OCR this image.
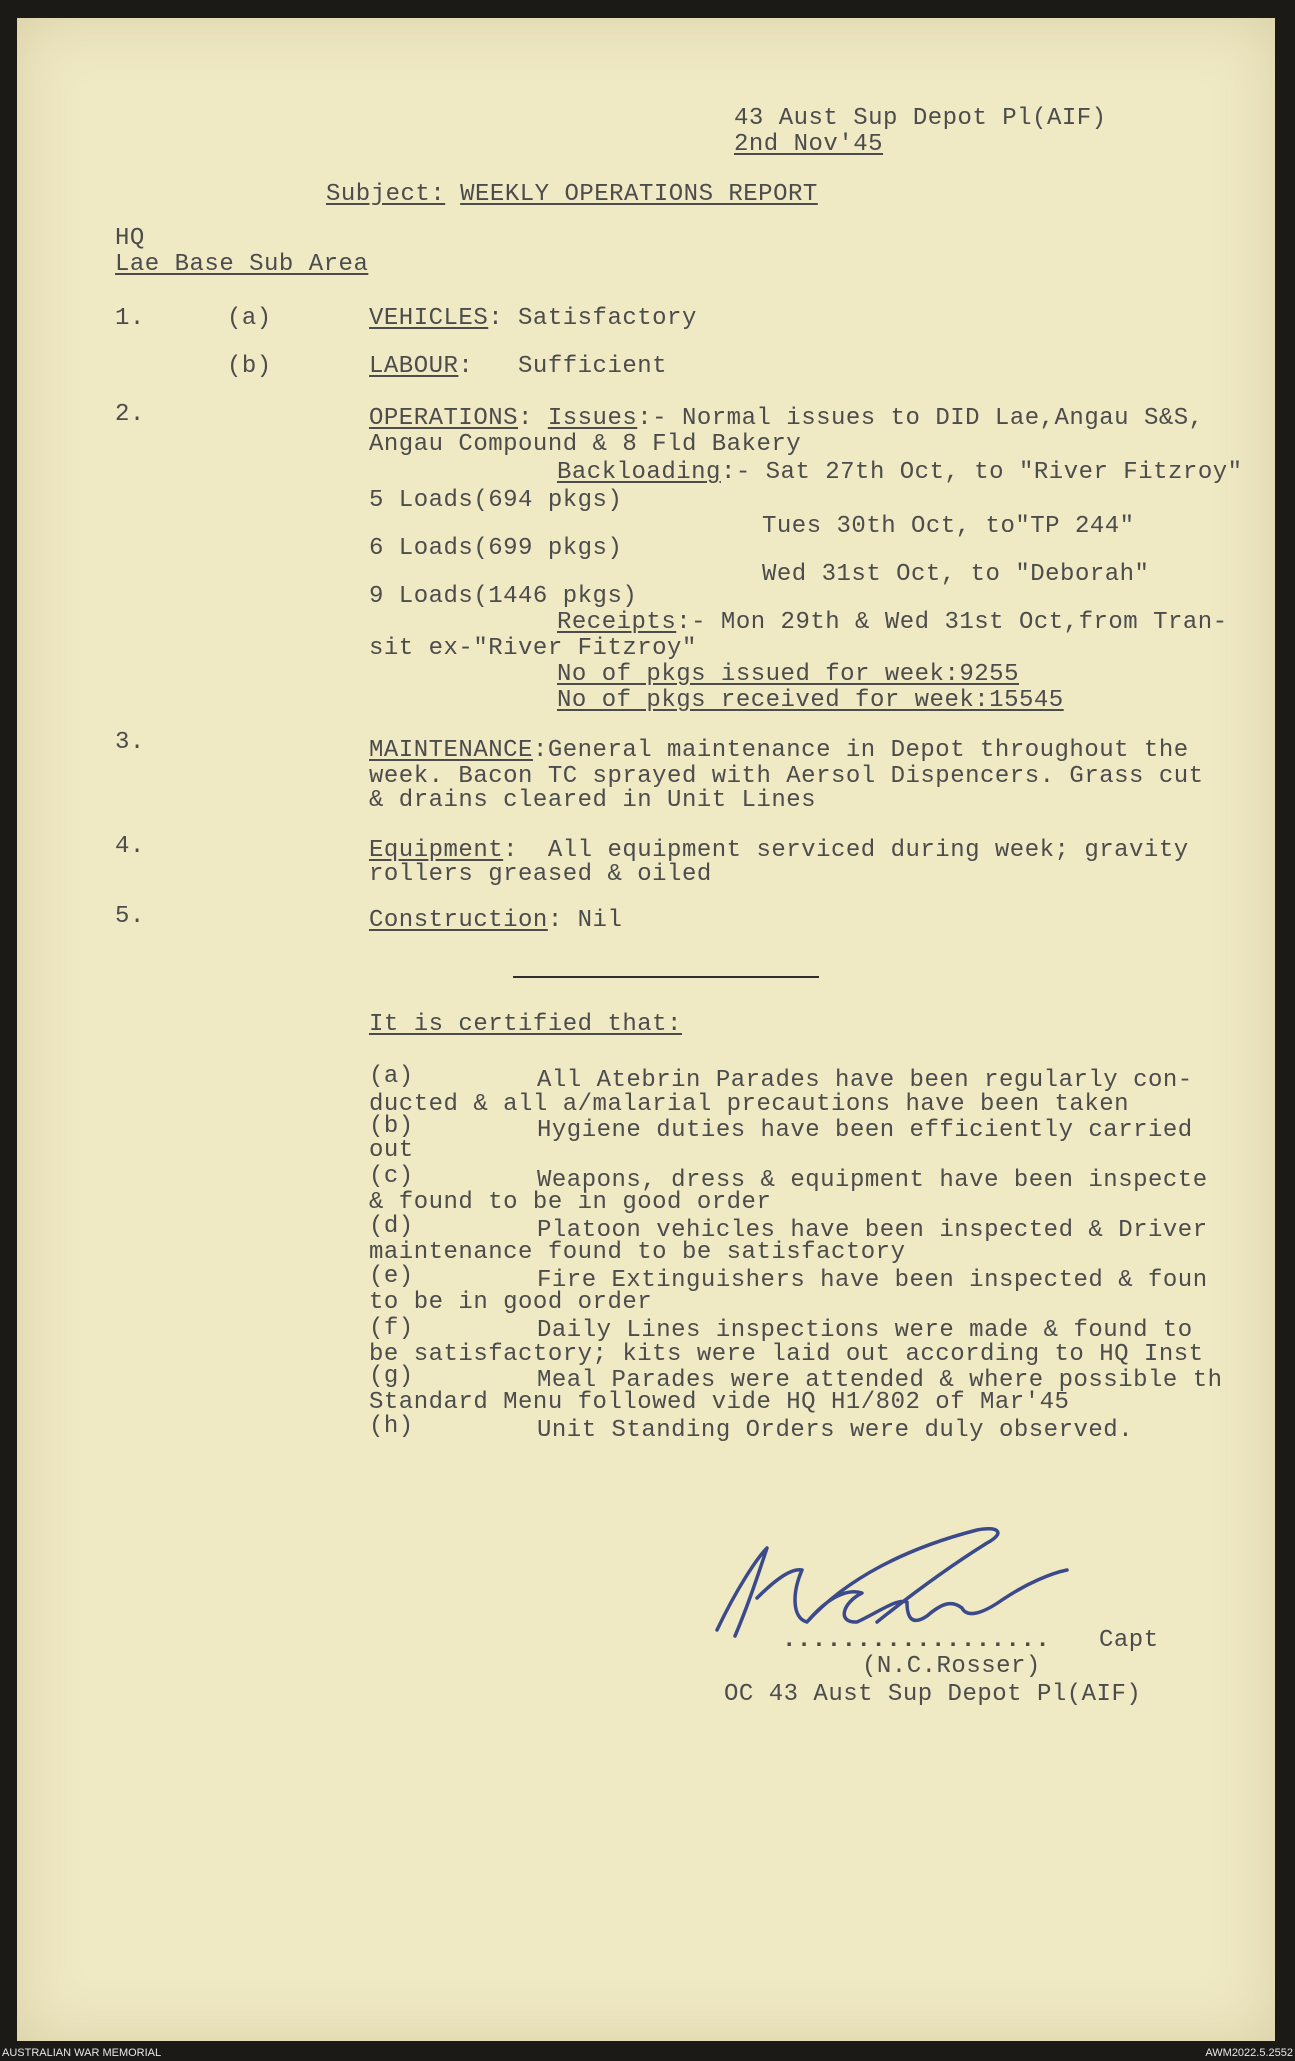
43 Aust Sup Depot Pl(AIF)
2nd Nov'45
Subject: WEEKLY OPERATIONS REPORT
HQ
Lae Base Sub Area
1.	(a)	VEHICLES: Satisfactory
(b)	LABOUR:   Sufficient
2.	OPERATIONS: Issues:- Normal issues to DID Lae,Angau S&S,
Angau Compound & 8 Fld Bakery
Backloading:- Sat 27th Oct, to "River Fitzroy"
5 Loads(694 pkgs)
Tues 30th Oct, to"TP 244"
6 Loads(699 pkgs)
Wed 31st Oct, to "Deborah"
9 Loads(1446 pkgs)
Receipts:- Mon 29th & Wed 31st Oct,from Tran-
sit ex-"River Fitzroy"
No of pkgs issued for week:9255
No of pkgs received for week:15545
3.	MAINTENANCE:General maintenance in Depot throughout the
week. Bacon TC sprayed with Aersol Dispencers. Grass cut
& drains cleared in Unit Lines
4.	Equipment:  All equipment serviced during week; gravity
rollers greased & oiled
5.	Construction: Nil
It is certified that:
(a)	All Atebrin Parades have been regularly con-
ducted & all a/malarial precautions have been taken
(b)	Hygiene duties have been efficiently carried
out
(c)	Weapons, dress & equipment have been inspecte
& found to be in good order
(d)	Platoon vehicles have been inspected & Driver
maintenance found to be satisfactory
(e)	Fire Extinguishers have been inspected & foun
to be in good order
(f)	Daily Lines inspections were made & found to
be satisfactory; kits were laid out according to HQ Inst
(g)	Meal Parades were attended & where possible th
Standard Menu followed vide HQ H1/802 of Mar'45
(h)	Unit Standing Orders were duly observed.
.................. Capt
(N.C.Rosser)
OC 43 Aust Sup Depot Pl(AIF)
AUSTRALIAN WAR MEMORIAL	AWM2022.5.2552
